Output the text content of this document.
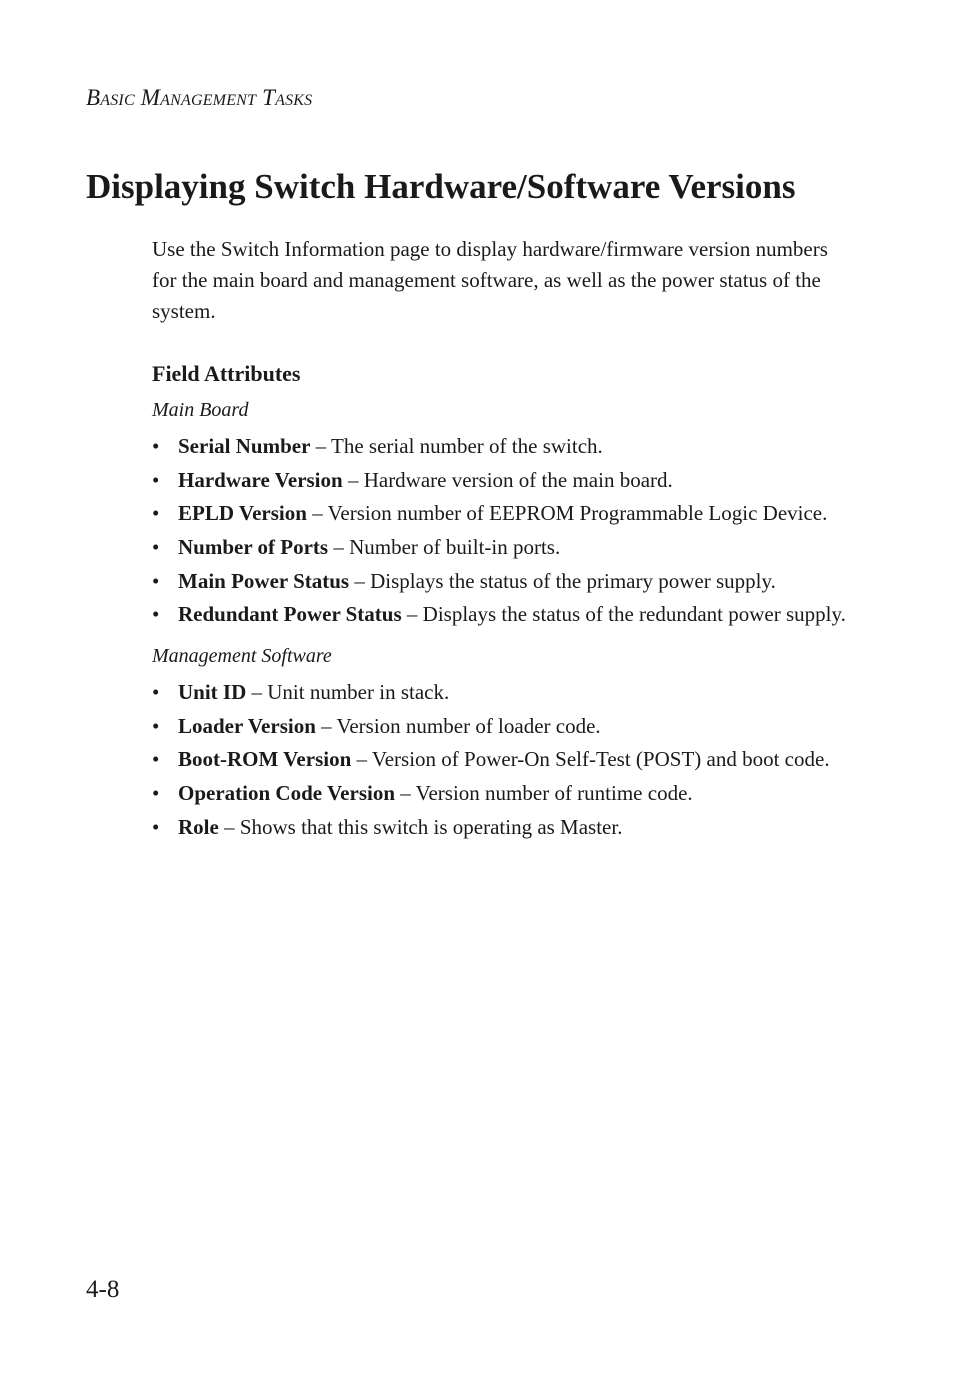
Basic Management Tasks
Displaying Switch Hardware/Software Versions

Use the Switch Information page to display hardware/firmware version numbers for the main board and management software, as well as the power status of the system.

Field Attributes
Main Board
• Serial Number – The serial number of the switch.
• Hardware Version – Hardware version of the main board.
• EPLD Version – Version number of EEPROM Programmable Logic Device.
• Number of Ports – Number of built-in ports.
• Main Power Status – Displays the status of the primary power supply.
• Redundant Power Status – Displays the status of the redundant power supply.
Management Software
• Unit ID – Unit number in stack.
• Loader Version – Version number of loader code.
• Boot-ROM Version – Version of Power-On Self-Test (POST) and boot code.
• Operation Code Version – Version number of runtime code.
• Role – Shows that this switch is operating as Master.
4-8
